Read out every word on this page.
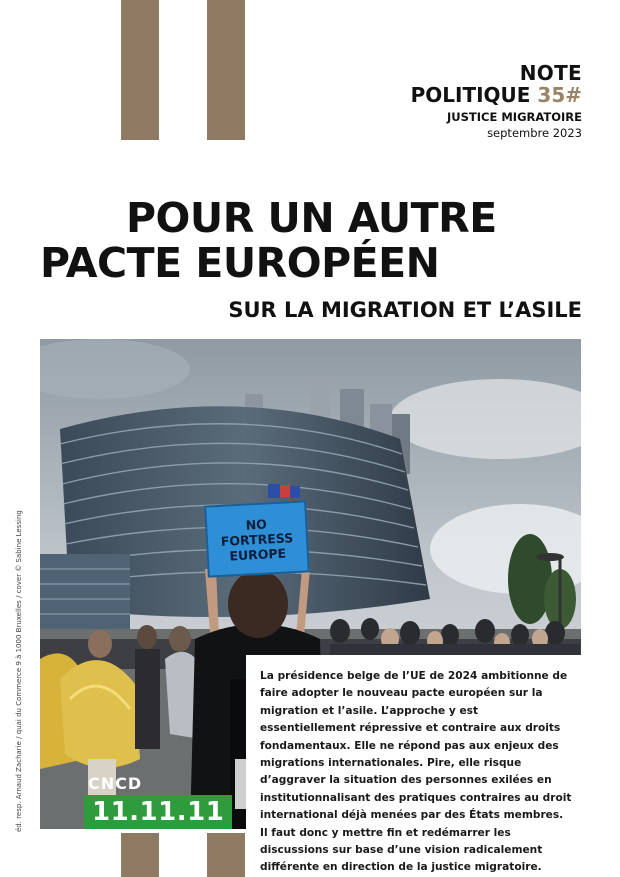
NOTE
POLITIQUE 35#
JUSTICE MIGRATOIRE
septembre 2023
POUR UN AUTRE
PACTE EUROPÉEN
SUR LA MIGRATION ET L’ASILE
NO
FORTRESS
EUROPE

La présidence belge de l’UE de 2024 ambitionne de faire adopter le nouveau pacte européen sur la migration et l’asile. L’approche y est essentiellement répressive et contraire aux droits fondamentaux. Elle ne répond pas aux enjeux des migrations internationales. Pire, elle risque d’aggraver la situation des personnes exilées en institutionnalisant des pratiques contraires au droit international déjà menées par des États membres. Il faut donc y mettre fin et redémarrer les discussions sur base d’une vision radicalement différente en direction de la justice migratoire.

CNCD
11.11.11
éd. resp. Arnaud Zacharie / quai du Commerce 9 à 1000 Bruxelles / cover © Sabine Lessing
